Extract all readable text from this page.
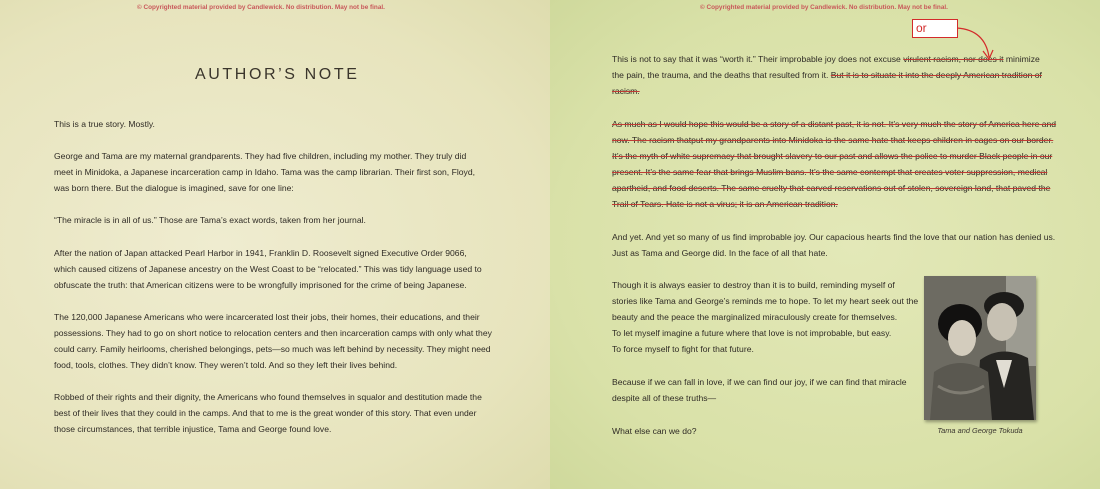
© Copyrighted material provided by Candlewick. No distribution. May not be final.
AUTHOR’S NOTE

This is a true story. Mostly.

George and Tama are my maternal grandparents. They had five children, including my mother. They truly did

meet in Minidoka, a Japanese incarceration camp in Idaho. Tama was the camp librarian. Their first son, Floyd,

was born there. But the dialogue is imagined, save for one line:

“The miracle is in all of us.” Those are Tama’s exact words, taken from her journal.

After the nation of Japan attacked Pearl Harbor in 1941, Franklin D. Roosevelt signed Executive Order 9066,

which caused citizens of Japanese ancestry on the West Coast to be “relocated.” This was tidy language used to

obfuscate the truth: that American citizens were to be wrongfully imprisoned for the crime of being Japanese.

The 120,000 Japanese Americans who were incarcerated lost their jobs, their homes, their educations, and their

possessions. They had to go on short notice to relocation centers and then incarceration camps with only what they

could carry. Family heirlooms, cherished belongings, pets—so much was left behind by necessity. They might need

food, tools, clothes. They didn’t know. They weren’t told. And so they left their lives behind.

Robbed of their rights and their dignity, the Americans who found themselves in squalor and destitution made the

best of their lives that they could in the camps. And that to me is the great wonder of this story. That even under

those circumstances, that terrible injustice, Tama and George found love.

© Copyrighted material provided by Candlewick. No distribution. May not be final.

This is not to say that it was “worth it.” Their improbable joy does not excuse virulent racism, nor does it minimize

the pain, the trauma, and the deaths that resulted from it. But it is to situate it into the deeply American tradition of

racism.

As much as I would hope this would be a story of a distant past, it is not. It’s very much the story of America here and

now. The racism thatput my grandparents into Minidoka is the same hate that keeps children in cages on our border.

It’s the myth of white supremacy that brought slavery to our past and allows the police to murder Black people in our

present. It’s the same fear that brings Muslim bans. It’s the same contempt that creates voter suppression, medical

apartheid, and food deserts. The same cruelty that carved reservations out of stolen, sovereign land, that paved the

Trail of Tears. Hate is not a virus; it is an American tradition.

And yet. And yet so many of us find improbable joy. Our capacious hearts find the love that our nation has denied us.

Just as Tama and George did. In the face of all that hate.

Though it is always easier to destroy than it is to build, reminding myself of

stories like Tama and George’s reminds me to hope. To let my heart seek out the

beauty and the peace the marginalized miraculously create for themselves.

To let myself imagine a future where that love is not improbable, but easy.

To force myself to fight for that future.

Because if we can fall in love, if we can find our joy, if we can find that miracle

despite all of these truths—

What else can we do?	Tama and George Tokuda
or
